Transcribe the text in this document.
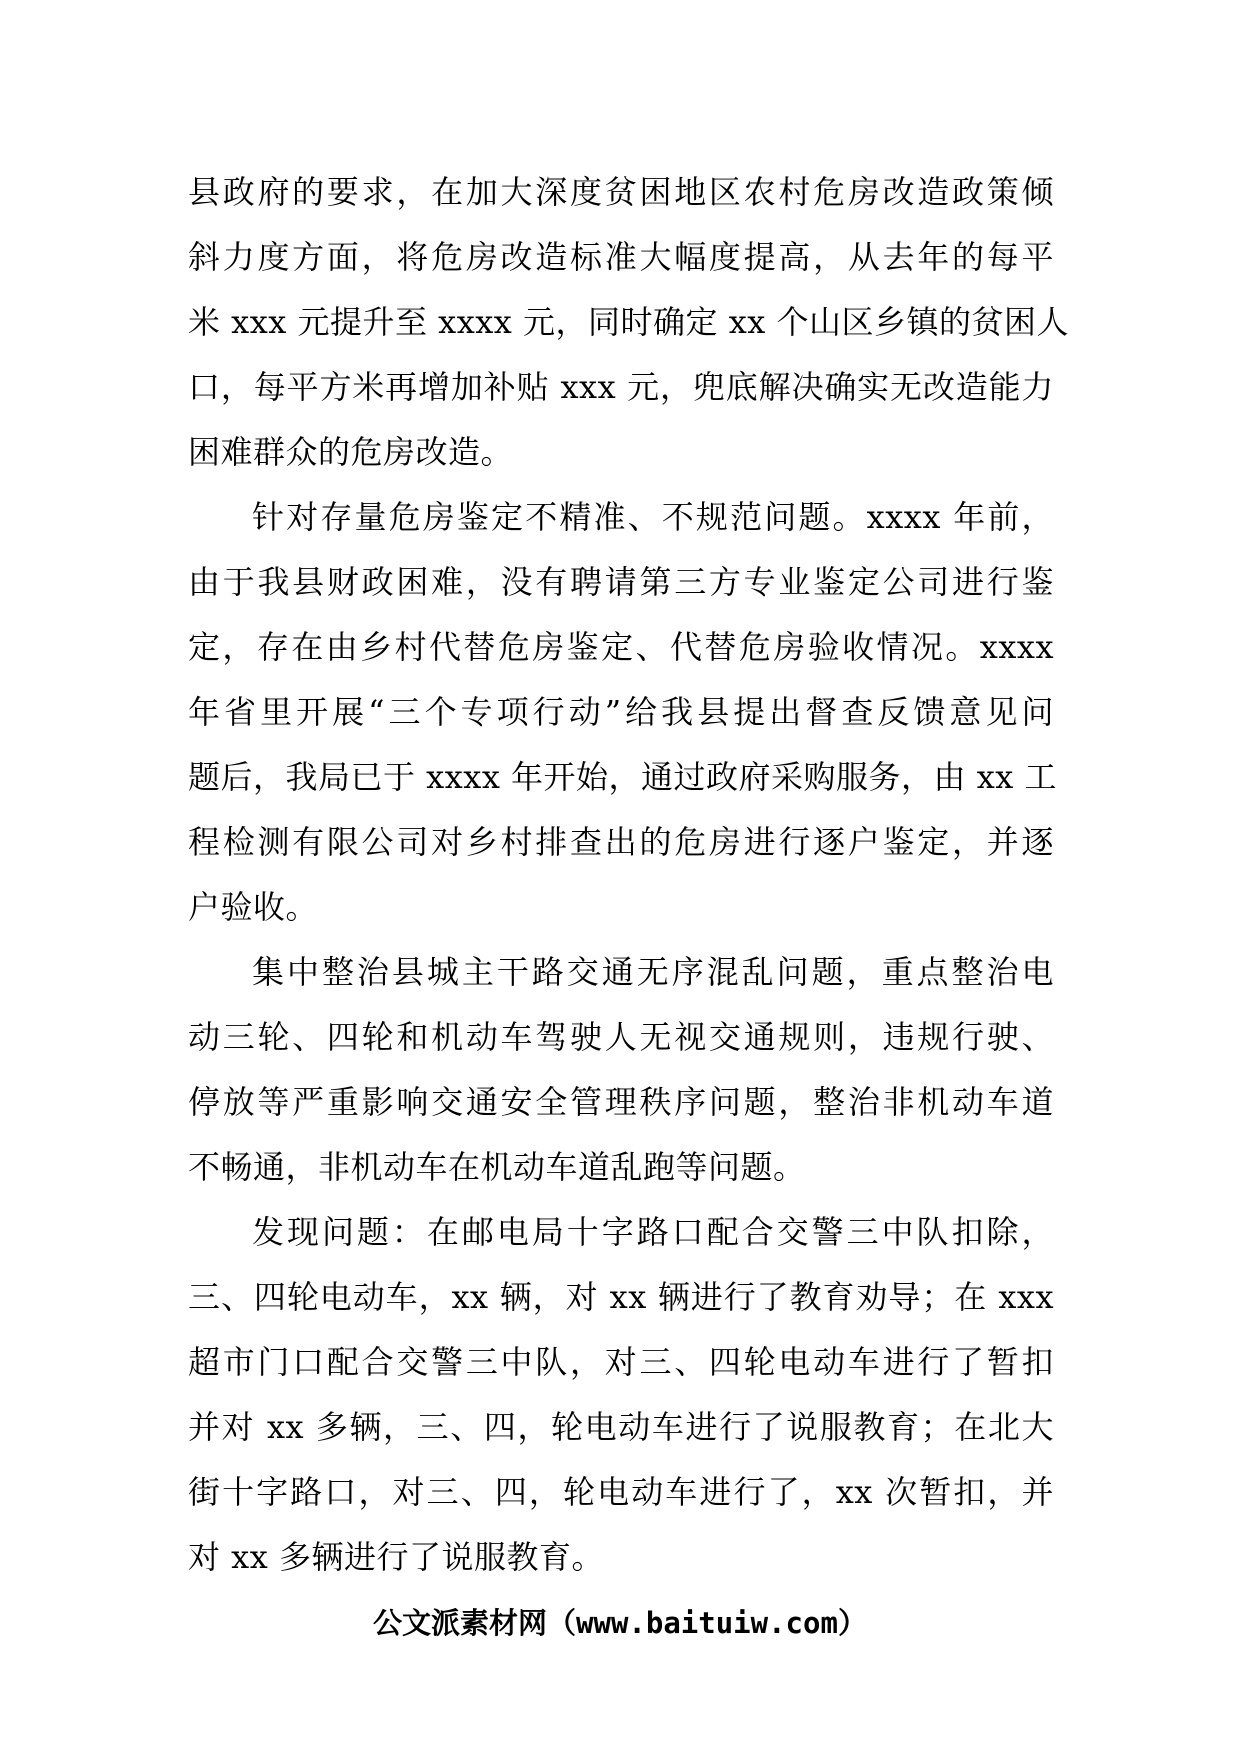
县政府的要求，在加大深度贫困地区农村危房改造政策倾
斜力度方面，将危房改造标准大幅度提高，从去年的每平
米 xxx 元提升至 xxxx 元，同时确定 xx 个山区乡镇的贫困人
口，每平方米再增加补贴 xxx 元，兜底解决确实无改造能力
困难群众的危房改造。
针对存量危房鉴定不精准、不规范问题。xxxx 年前，
由于我县财政困难，没有聘请第三方专业鉴定公司进行鉴
定，存在由乡村代替危房鉴定、代替危房验收情况。xxxx
年省里开展“三个专项行动”给我县提出督查反馈意见问
题后，我局已于 xxxx 年开始，通过政府采购服务，由 xx 工
程检测有限公司对乡村排查出的危房进行逐户鉴定，并逐
户验收。
集中整治县城主干路交通无序混乱问题，重点整治电
动三轮、四轮和机动车驾驶人无视交通规则，违规行驶、
停放等严重影响交通安全管理秩序问题，整治非机动车道
不畅通，非机动车在机动车道乱跑等问题。
发现问题：在邮电局十字路口配合交警三中队扣除，
三、四轮电动车，xx 辆，对 xx 辆进行了教育劝导；在 xxx
超市门口配合交警三中队，对三、四轮电动车进行了暂扣
并对 xx 多辆，三、四，轮电动车进行了说服教育；在北大
街十字路口，对三、四，轮电动车进行了，xx 次暂扣，并
对 xx 多辆进行了说服教育。
公文派素材网（www.baituiw.com）
